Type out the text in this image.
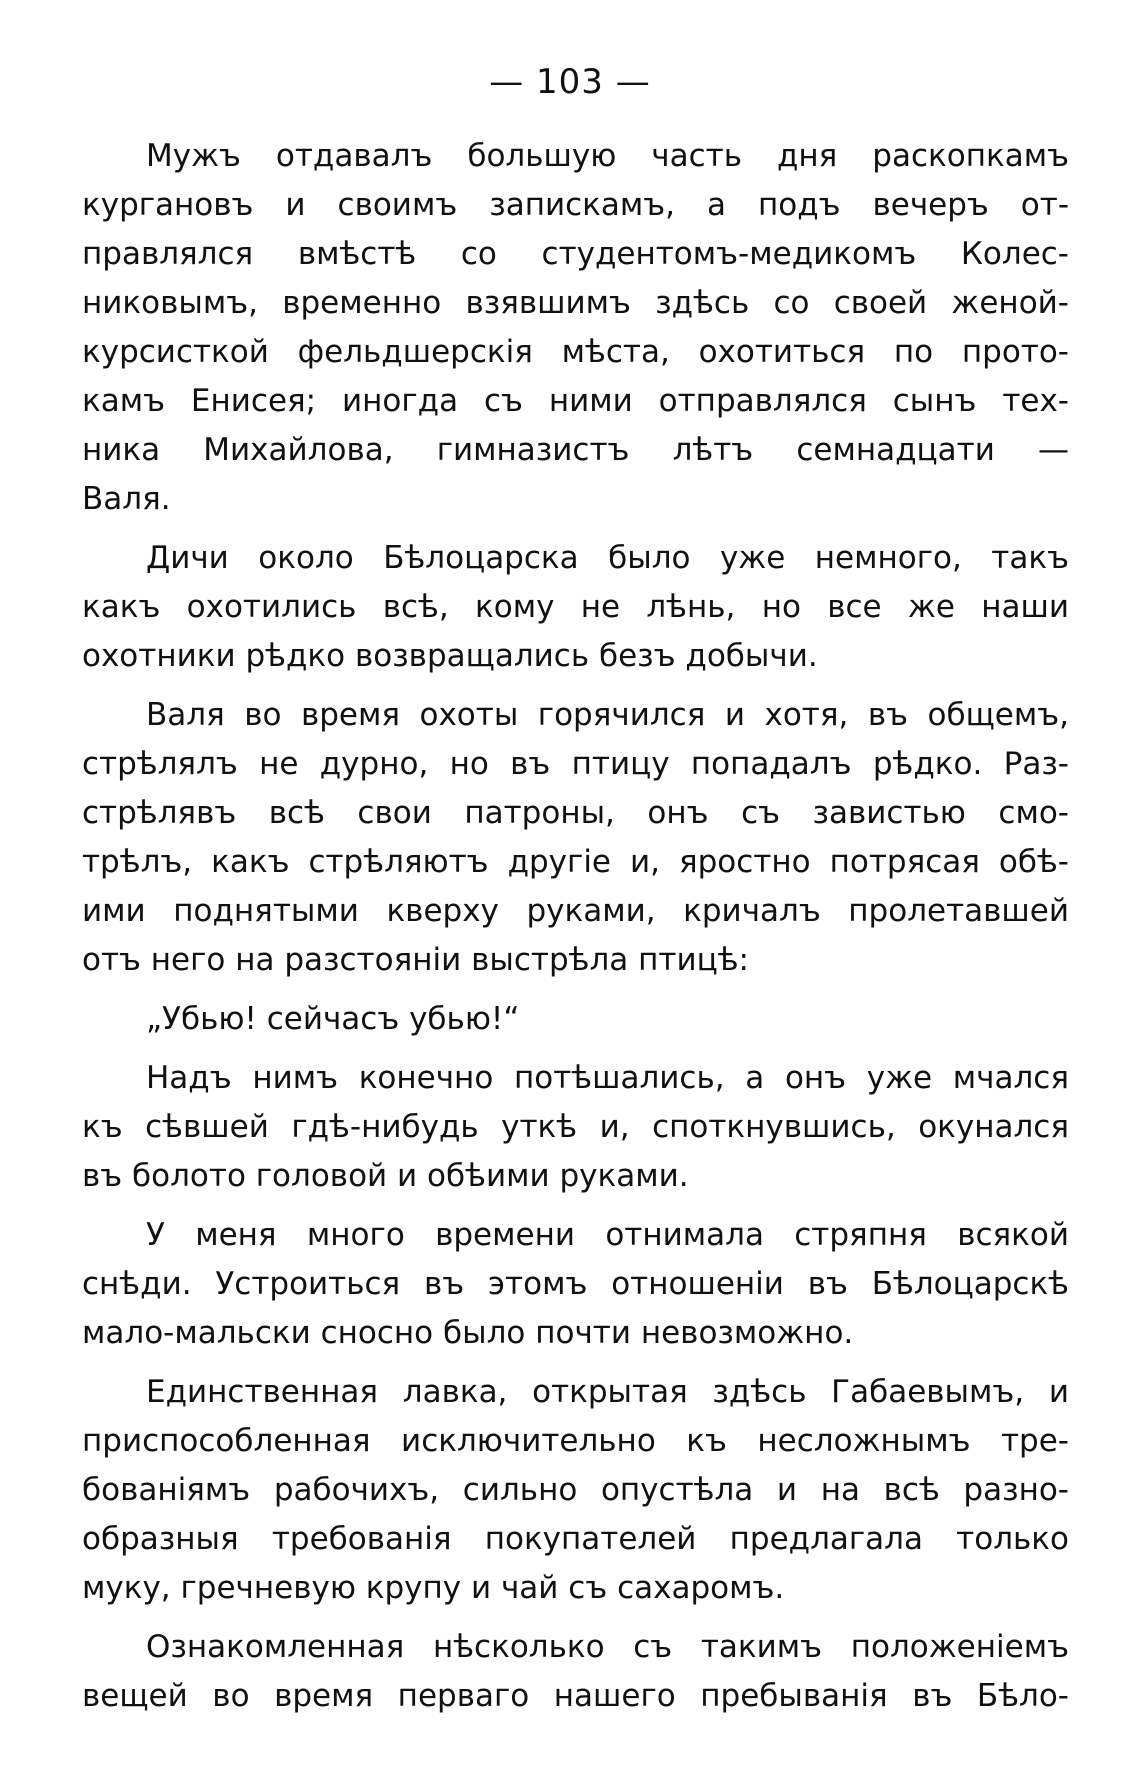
— 103 —

Мужъ отдавалъ большую часть дня раскопкамъ
кургановъ и своимъ запискамъ, а подъ вечеръ от-
правлялся вмѣстѣ со студентомъ-медикомъ Колес-
никовымъ, временно взявшимъ здѣсь со своей женой-
курсисткой фельдшерскія мѣста, охотиться по прото-
камъ Енисея; иногда съ ними отправлялся сынъ тех-
ника Михайлова, гимназистъ лѣтъ семнадцати —
Валя.

Дичи около Бѣлоцарска было уже немного, такъ
какъ охотились всѣ, кому не лѣнь, но все же наши
охотники рѣдко возвращались безъ добычи.

Валя во время охоты горячился и хотя, въ общемъ,
стрѣлялъ не дурно, но въ птицу попадалъ рѣдко. Раз-
стрѣлявъ всѣ свои патроны, онъ съ завистью смо-
трѣлъ, какъ стрѣляютъ другіе и, яростно потрясая обѣ-
ими поднятыми кверху руками, кричалъ пролетавшей
отъ него на разстояніи выстрѣла птицѣ:

„Убью! сейчасъ убью!“

Надъ нимъ конечно потѣшались, а онъ уже мчался
къ сѣвшей гдѣ-нибудь уткѣ и, споткнувшись, окунался
въ болото головой и обѣими руками.

У меня много времени отнимала стряпня всякой
снѣди. Устроиться въ этомъ отношеніи въ Бѣлоцарскѣ
мало-мальски сносно было почти невозможно.

Единственная лавка, открытая здѣсь Габаевымъ, и
приспособленная исключительно къ несложнымъ тре-
бованіямъ рабочихъ, сильно опустѣла и на всѣ разно-
образныя требованія покупателей предлагала только
муку, гречневую крупу и чай съ сахаромъ.

Ознакомленная нѣсколько съ такимъ положеніемъ
вещей во время перваго нашего пребыванія въ Бѣло-
